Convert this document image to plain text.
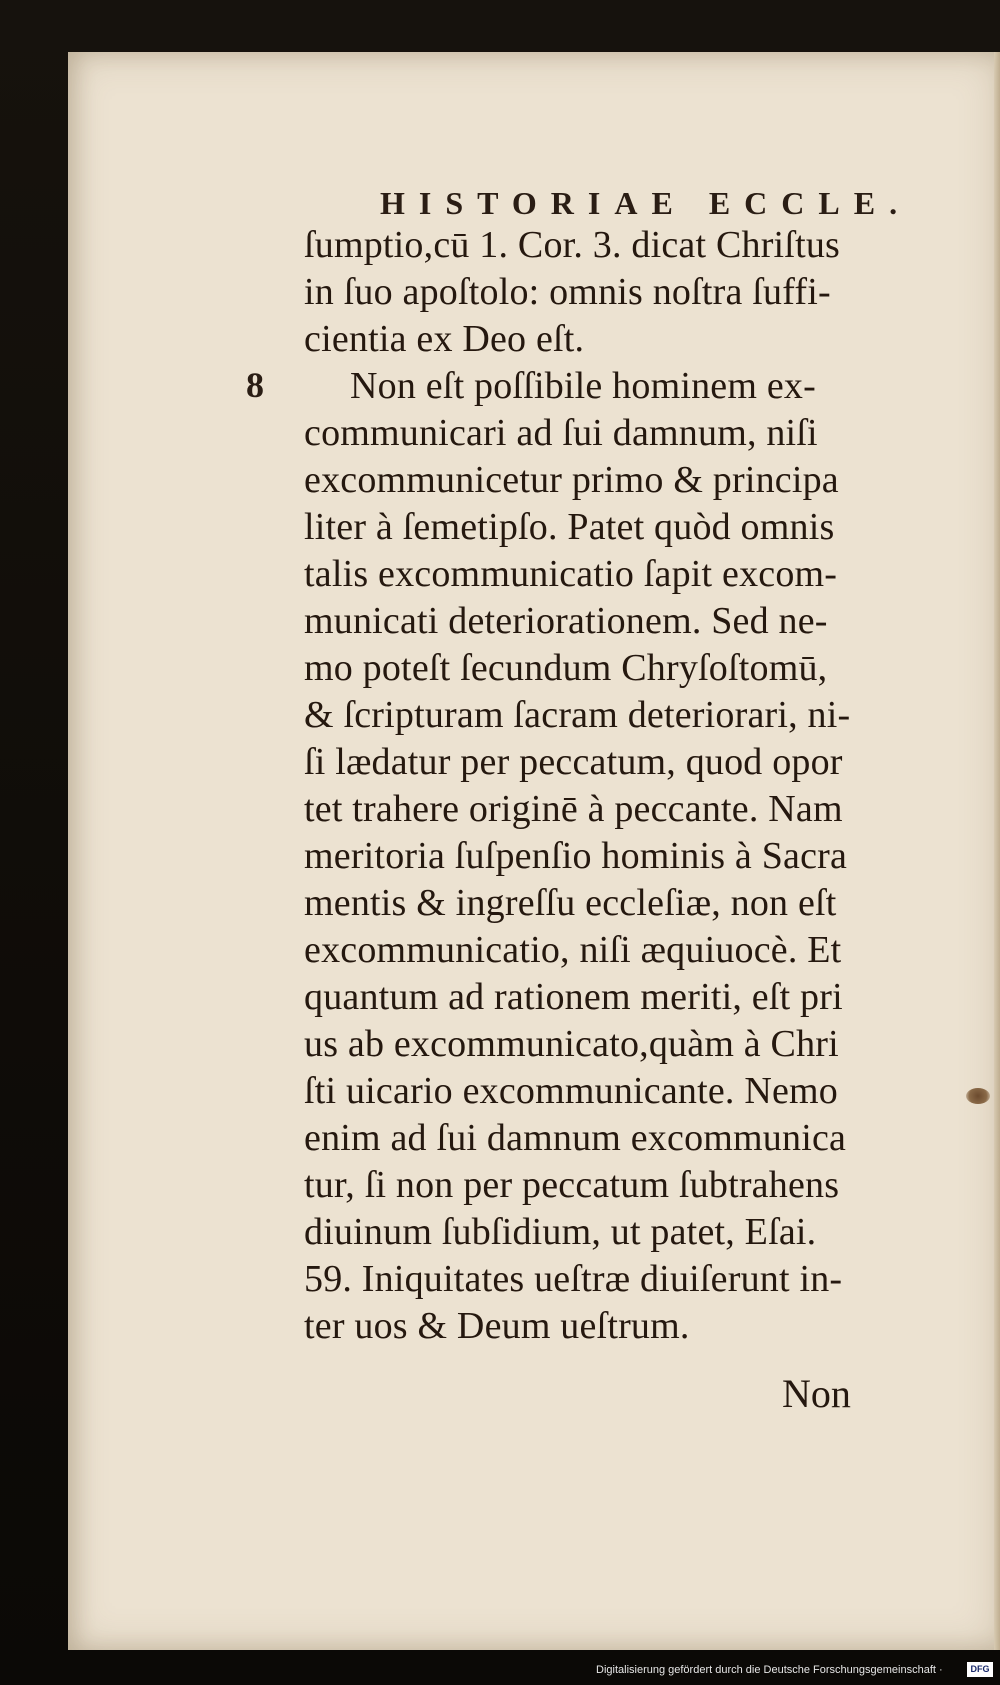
HISTORIAE ECCLE.
8
ſumptio,cū 1. Cor. 3. dicat Chriſtus
in ſuo apoſtolo: omnis noſtra ſuffi-
cientia ex Deo eſt.
Non eſt poſſibile hominem ex-
communicari ad ſui damnum, niſi
excommunicetur primo & principa
liter à ſemetipſo. Patet quòd omnis
talis excommunicatio ſapit excom-
municati deteriorationem. Sed ne-
mo poteſt ſecundum Chryſoſtomū,
& ſcripturam ſacram deteriorari, ni-
ſi lædatur per peccatum, quod opor
tet trahere originē à peccante. Nam
meritoria ſuſpenſio hominis à Sacra
mentis & ingreſſu eccleſiæ, non eſt
excommunicatio, niſi æquiuocè. Et
quantum ad rationem meriti, eſt pri
us ab excommunicato,quàm à Chri
ſti uicario excommunicante. Nemo
enim ad ſui damnum excommunica
tur, ſi non per peccatum ſubtrahens
diuinum ſubſidium, ut patet, Eſai.
59. Iniquitates ueſtræ diuiſerunt in-
ter uos & Deum ueſtrum.
Non
Digitalisierung gefördert durch die Deutsche Forschungsgemeinschaft ·	DFG
